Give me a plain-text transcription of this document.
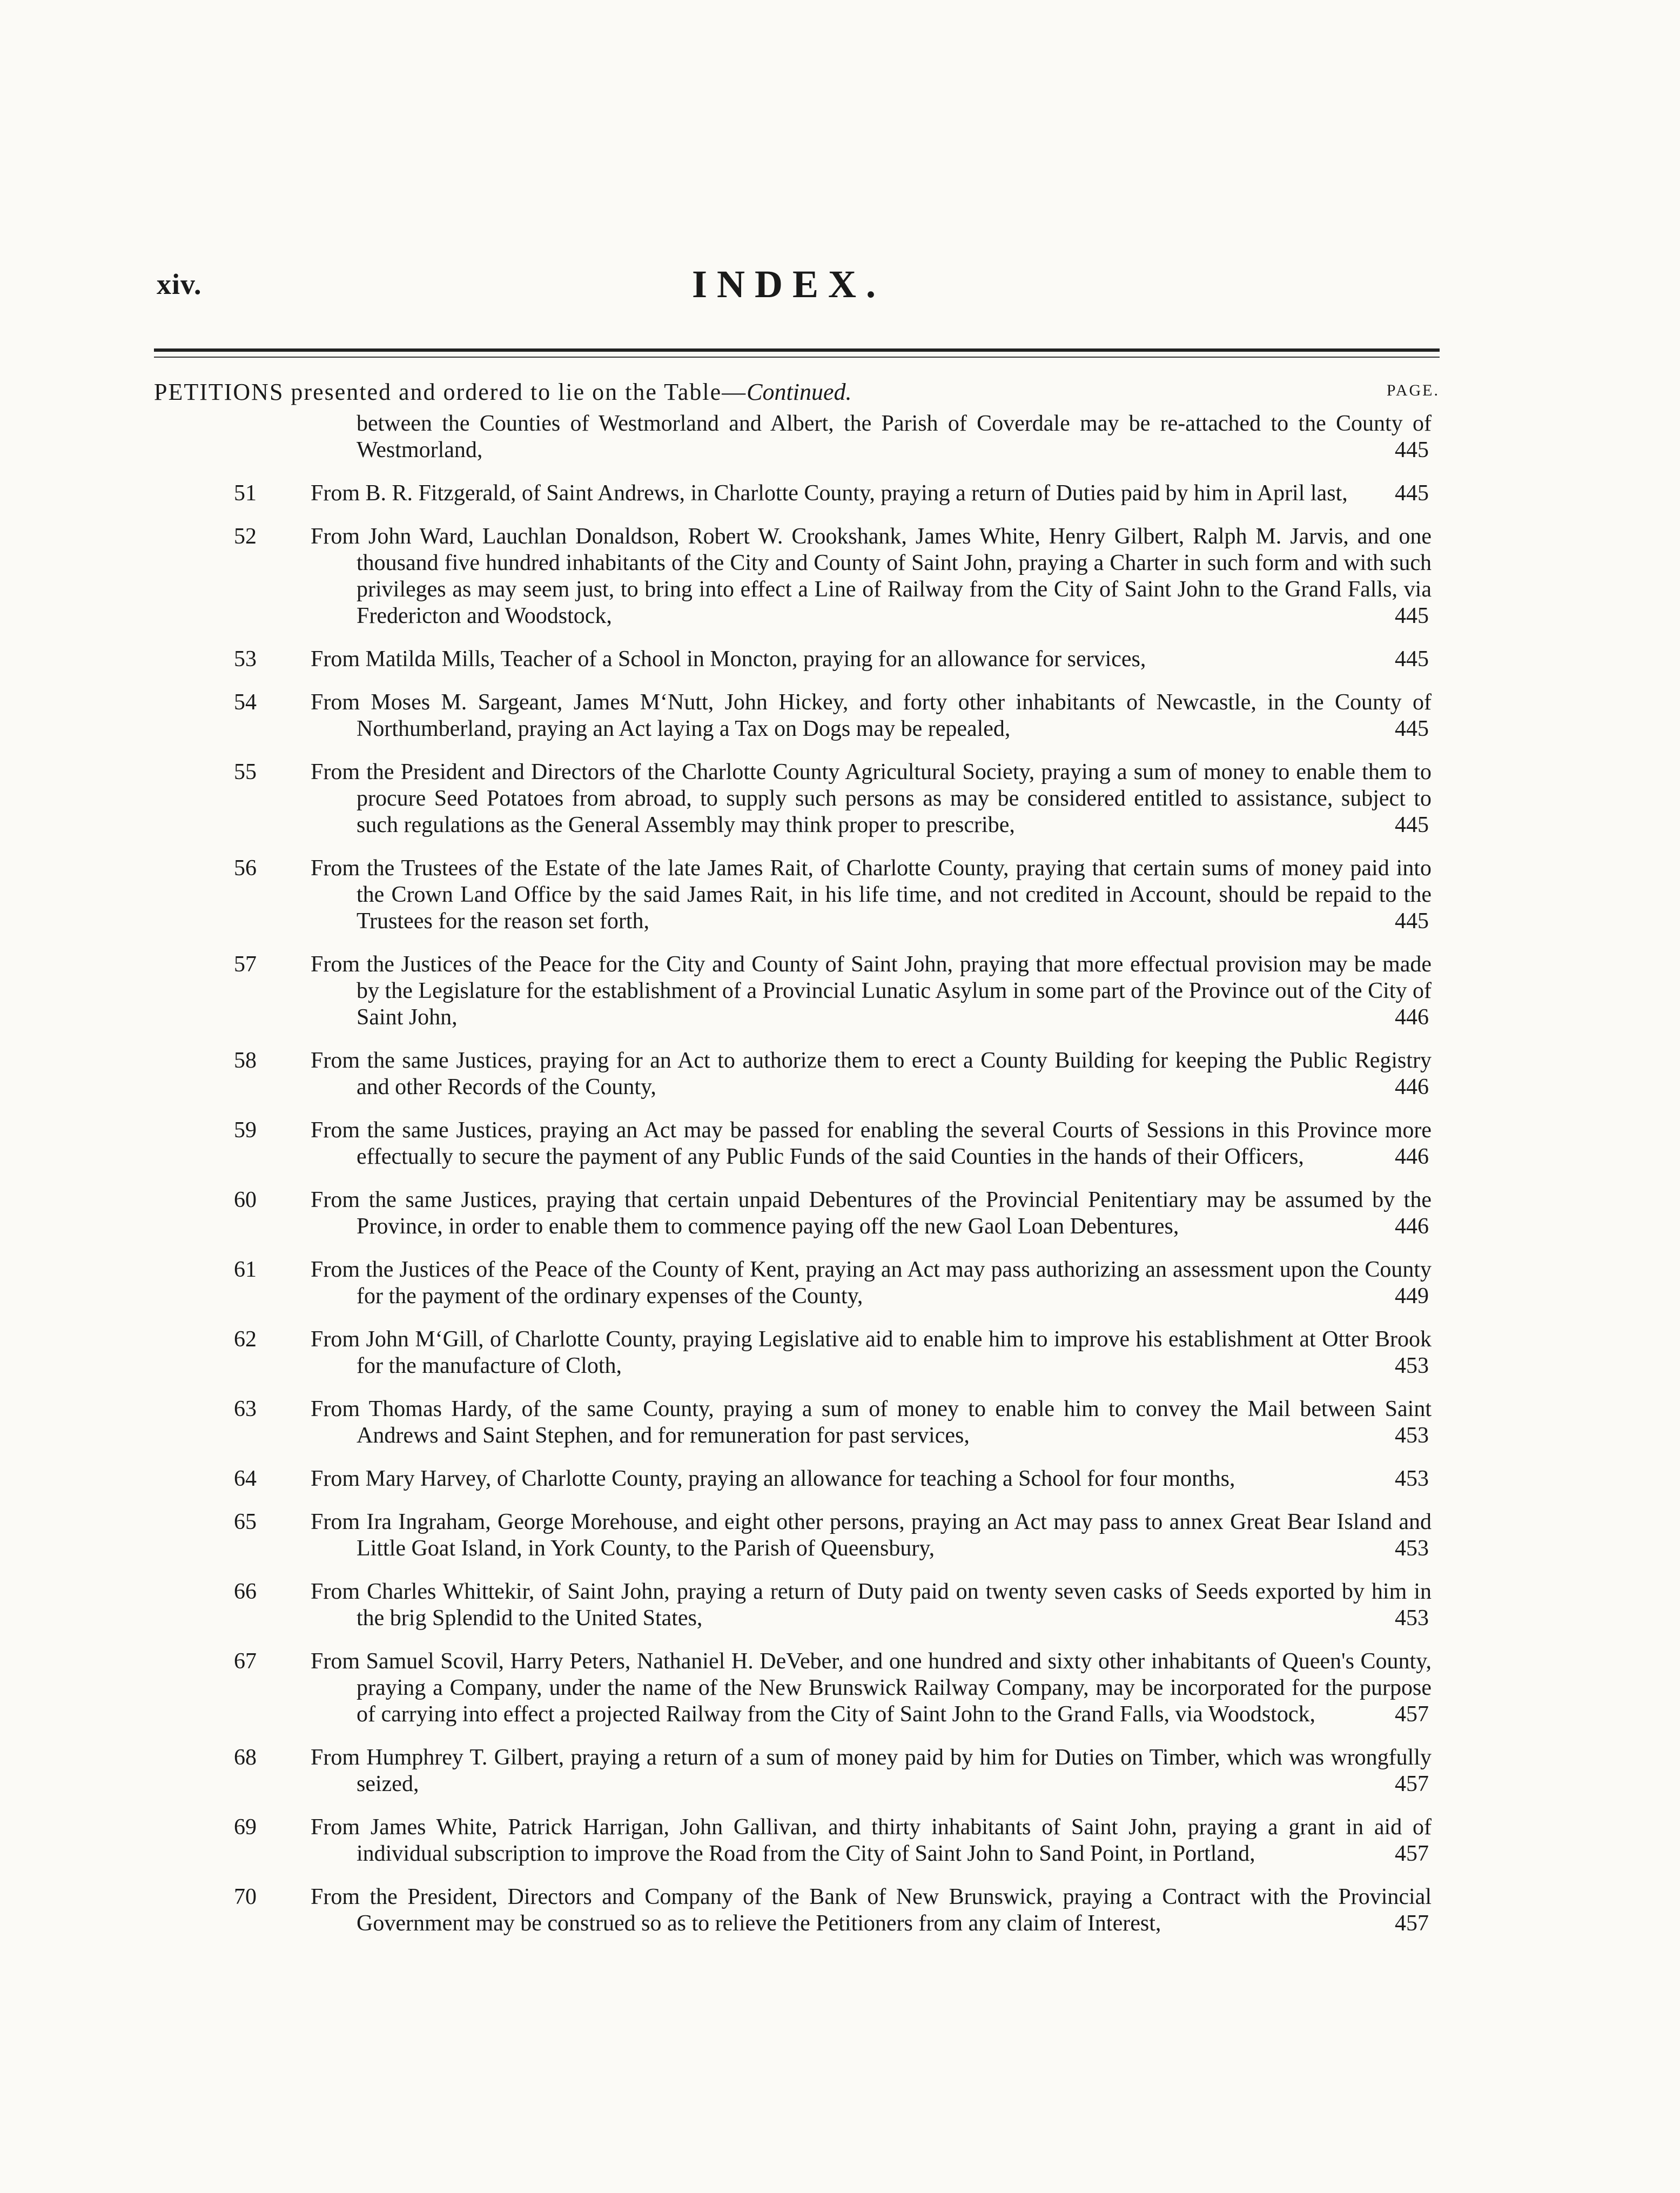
xiv.	INDEX.
PETITIONS presented and ordered to lie on the Table—Continued.	PAGE.
between the Counties of Westmorland and Albert, the Parish of Coverdale may be re-attached to the County of Westmorland,	445
51	From B. R. Fitzgerald, of Saint Andrews, in Charlotte County, praying a return of Duties paid by him in April last,	445
52	From John Ward, Lauchlan Donaldson, Robert W. Crookshank, James White, Henry Gilbert, Ralph M. Jarvis, and one thousand five hundred inhabitants of the City and County of Saint John, praying a Charter in such form and with such privileges as may seem just, to bring into effect a Line of Railway from the City of Saint John to the Grand Falls, via Fredericton and Woodstock,	445
53	From Matilda Mills, Teacher of a School in Moncton, praying for an allowance for services,	445
54	From Moses M. Sargeant, James M‘Nutt, John Hickey, and forty other inhabitants of Newcastle, in the County of Northumberland, praying an Act laying a Tax on Dogs may be repealed,	445
55	From the President and Directors of the Charlotte County Agricultural Society, praying a sum of money to enable them to procure Seed Potatoes from abroad, to supply such persons as may be considered entitled to assistance, subject to such regulations as the General Assembly may think proper to prescribe,	445
56	From the Trustees of the Estate of the late James Rait, of Charlotte County, praying that certain sums of money paid into the Crown Land Office by the said James Rait, in his life time, and not credited in Account, should be repaid to the Trustees for the reason set forth,	445
57	From the Justices of the Peace for the City and County of Saint John, praying that more effectual provision may be made by the Legislature for the establishment of a Provincial Lunatic Asylum in some part of the Province out of the City of Saint John,	446
58	From the same Justices, praying for an Act to authorize them to erect a County Building for keeping the Public Registry and other Records of the County,	446
59	From the same Justices, praying an Act may be passed for enabling the several Courts of Sessions in this Province more effectually to secure the payment of any Public Funds of the said Counties in the hands of their Officers,	446
60	From the same Justices, praying that certain unpaid Debentures of the Provincial Penitentiary may be assumed by the Province, in order to enable them to commence paying off the new Gaol Loan Debentures,	446
61	From the Justices of the Peace of the County of Kent, praying an Act may pass authorizing an assessment upon the County for the payment of the ordinary expenses of the County,	449
62	From John M‘Gill, of Charlotte County, praying Legislative aid to enable him to improve his establishment at Otter Brook for the manufacture of Cloth,	453
63	From Thomas Hardy, of the same County, praying a sum of money to enable him to convey the Mail between Saint Andrews and Saint Stephen, and for remuneration for past services,	453
64	From Mary Harvey, of Charlotte County, praying an allowance for teaching a School for four months,	453
65	From Ira Ingraham, George Morehouse, and eight other persons, praying an Act may pass to annex Great Bear Island and Little Goat Island, in York County, to the Parish of Queensbury,	453
66	From Charles Whittekir, of Saint John, praying a return of Duty paid on twenty seven casks of Seeds exported by him in the brig Splendid to the United States,	453
67	From Samuel Scovil, Harry Peters, Nathaniel H. DeVeber, and one hundred and sixty other inhabitants of Queen's County, praying a Company, under the name of the New Brunswick Railway Company, may be incorporated for the purpose of carrying into effect a projected Railway from the City of Saint John to the Grand Falls, via Woodstock,	457
68	From Humphrey T. Gilbert, praying a return of a sum of money paid by him for Duties on Timber, which was wrongfully seized,	457
69	From James White, Patrick Harrigan, John Gallivan, and thirty inhabitants of Saint John, praying a grant in aid of individual subscription to improve the Road from the City of Saint John to Sand Point, in Portland,	457
70	From the President, Directors and Company of the Bank of New Brunswick, praying a Contract with the Provincial Government may be construed so as to relieve the Petitioners from any claim of Interest,	457
